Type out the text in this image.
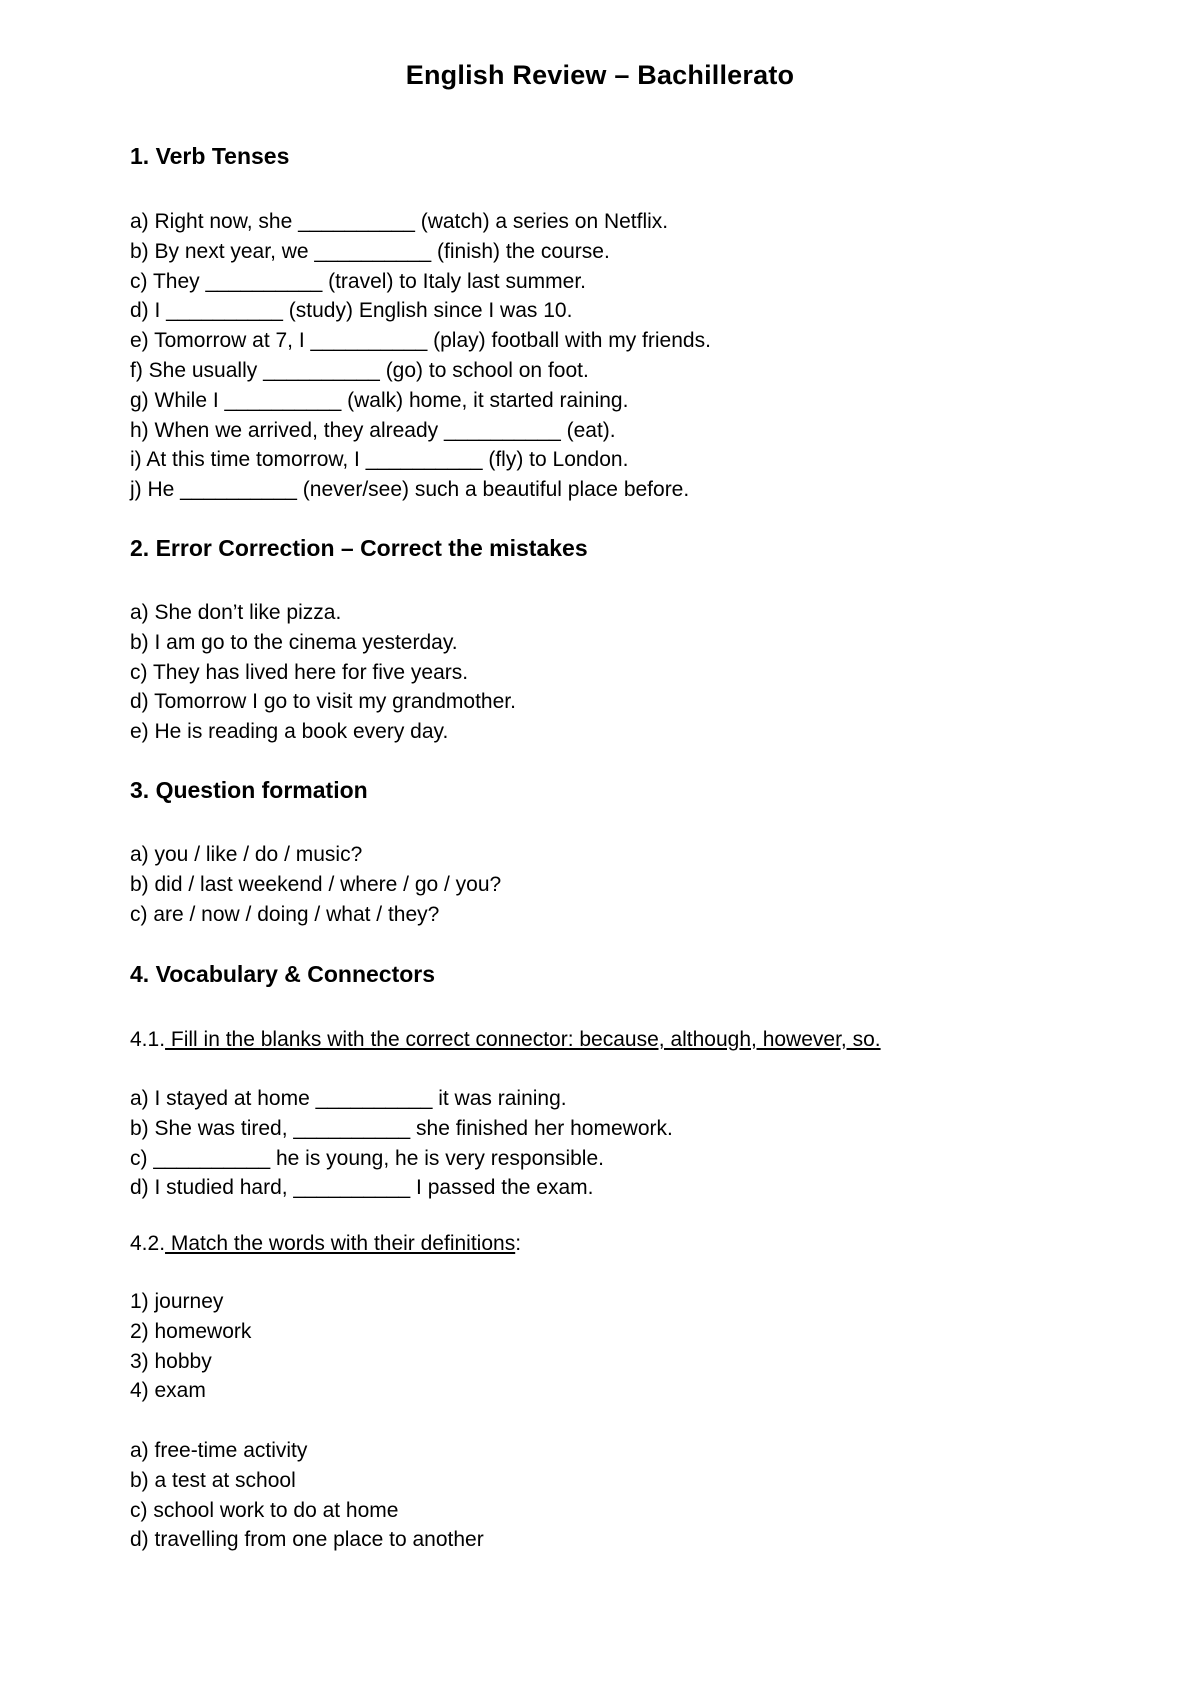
English Review – Bachillerato
1. Verb Tenses
a) Right now, she __________ (watch) a series on Netflix.
b) By next year, we __________ (finish) the course.
c) They __________ (travel) to Italy last summer.
d) I __________ (study) English since I was 10.
e) Tomorrow at 7, I __________ (play) football with my friends.
f) She usually __________ (go) to school on foot.
g) While I __________ (walk) home, it started raining.
h) When we arrived, they already __________ (eat).
i) At this time tomorrow, I __________ (fly) to London.
j) He __________ (never/see) such a beautiful place before.
2. Error Correction – Correct the mistakes
a) She don’t like pizza.
b) I am go to the cinema yesterday.
c) They has lived here for five years.
d) Tomorrow I go to visit my grandmother.
e) He is reading a book every day.
3. Question formation
a) you / like / do / music?
b) did / last weekend / where / go / you?
c) are / now / doing / what / they?
4. Vocabulary & Connectors
4.1. Fill in the blanks with the correct connector: because, although, however, so.
a) I stayed at home __________ it was raining.
b) She was tired, __________ she finished her homework.
c) __________ he is young, he is very responsible.
d) I studied hard, __________ I passed the exam.
4.2. Match the words with their definitions:
1) journey
2) homework
3) hobby
4) exam
a) free-time activity
b) a test at school
c) school work to do at home
d) travelling from one place to another
